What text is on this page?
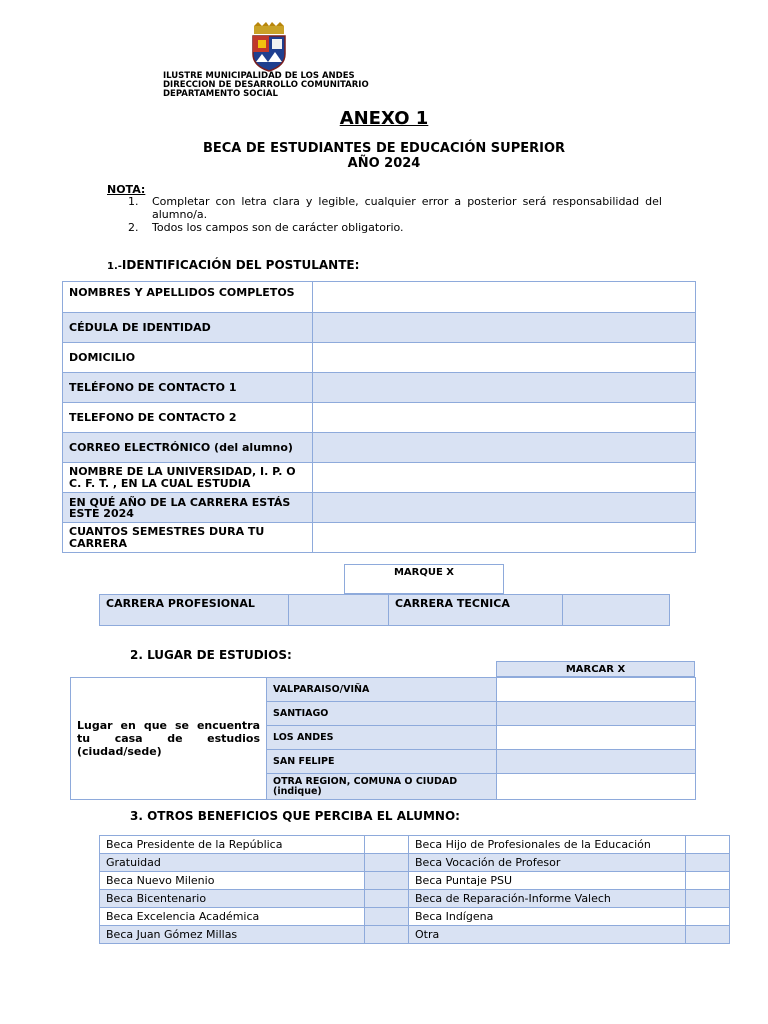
ILUSTRE MUNICIPALIDAD DE LOS ANDES
DIRECCION DE DESARROLLO COMUNITARIO
DEPARTAMENTO SOCIAL
ANEXO 1
BECA DE ESTUDIANTES DE EDUCACIÓN SUPERIOR
AÑO 2024
NOTA:
1. Completar con letra clara y legible, cualquier error a posterior será responsabilidad del alumno/a.
2. Todos los campos son de carácter obligatorio.
1.-IDENTIFICACIÓN DEL POSTULANTE:
NOMBRES Y APELLIDOS COMPLETOS	
CÉDULA DE IDENTIDAD	
DOMICILIO	
TELÉFONO DE CONTACTO 1	
TELEFONO DE CONTACTO 2	
CORREO ELECTRÓNICO (del alumno)	
NOMBRE DE LA UNIVERSIDAD, I. P. O C. F. T. , EN LA CUAL ESTUDIA	
EN QUÉ AÑO DE LA CARRERA ESTÁS ESTE 2024	
CUANTOS SEMESTRES DURA TU CARRERA	
MARQUE X
CARRERA PROFESIONAL		CARRERA TECNICA	
2. LUGAR DE ESTUDIOS:
MARCAR X
Lugar en que se encuentra tu casa de estudios (ciudad/sede)	VALPARAISO/VIÑA	
	SANTIAGO	
	LOS ANDES	
	SAN FELIPE	
	OTRA REGION, COMUNA O CIUDAD (indique)	
3. OTROS BENEFICIOS QUE PERCIBA EL ALUMNO:
Beca Presidente de la República		Beca Hijo de Profesionales de la Educación	
Gratuidad		Beca Vocación de Profesor	
Beca Nuevo Milenio		Beca Puntaje PSU	
Beca Bicentenario		Beca de Reparación-Informe Valech	
Beca Excelencia Académica		Beca Indígena	
Beca Juan Gómez Millas		Otra	
